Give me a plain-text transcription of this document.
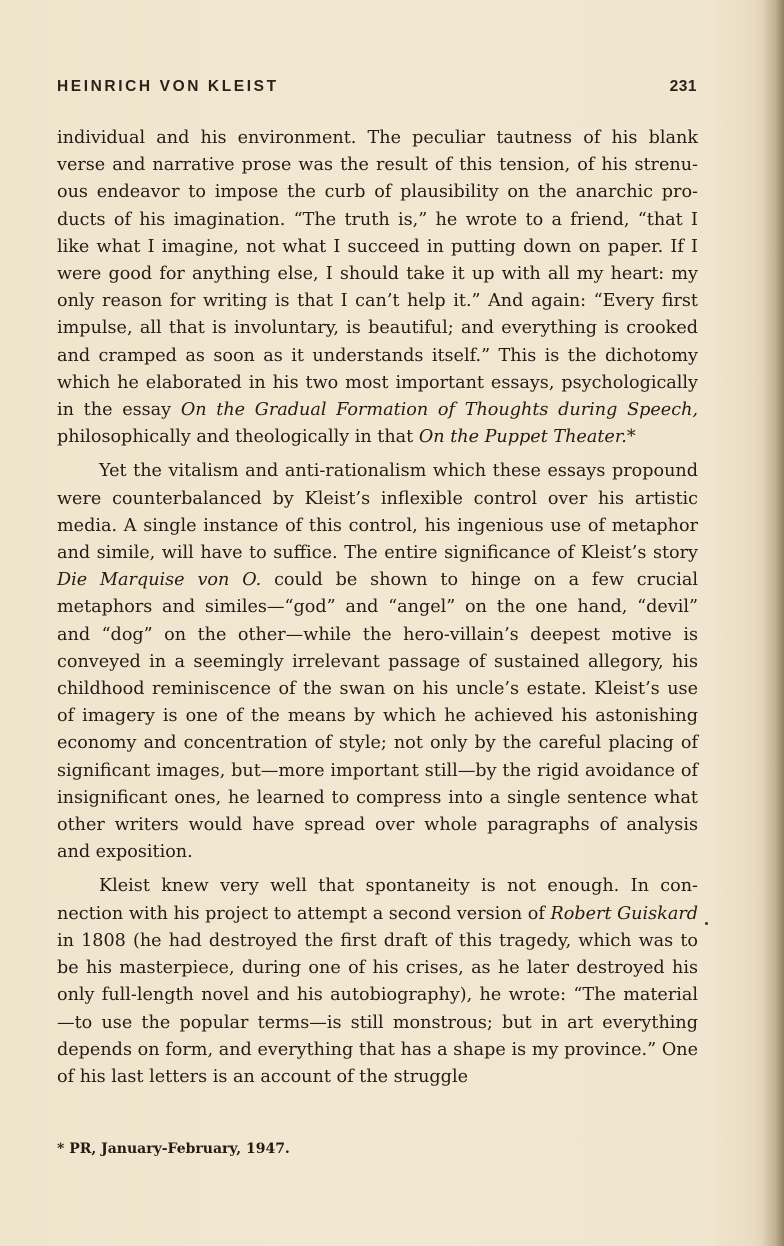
HEINRICH VON KLEIST	231

individual and his environment. The peculiar tautness of his blank verse and narrative prose was the result of this tension, of his strenuous endeavor to impose the curb of plausibility on the anarchic products of his imagination. “The truth is,” he wrote to a friend, “that I like what I imagine, not what I succeed in putting down on paper. If I were good for anything else, I should take it up with all my heart: my only reason for writing is that I can’t help it.” And again: “Every first impulse, all that is involuntary, is beautiful; and everything is crooked and cramped as soon as it understands itself.” This is the dichotomy which he elaborated in his two most important essays, psychologically in the essay On the Gradual Formation of Thoughts during Speech, philosophically and theologically in that On the Puppet Theater.*

Yet the vitalism and anti-rationalism which these essays propound were counterbalanced by Kleist’s inflexible control over his artistic media. A single instance of this control, his ingenious use of metaphor and simile, will have to suffice. The entire significance of Kleist’s story Die Marquise von O. could be shown to hinge on a few crucial metaphors and similes—“god” and “angel” on the one hand, “devil” and “dog” on the other—while the hero-villain’s deepest motive is conveyed in a seemingly irrelevant passage of sustained allegory, his childhood reminiscence of the swan on his uncle’s estate. Kleist’s use of imagery is one of the means by which he achieved his astonishing economy and concentration of style; not only by the careful placing of significant images, but—more important still—by the rigid avoidance of insignificant ones, he learned to compress into a single sentence what other writers would have spread over whole paragraphs of analysis and exposition.

Kleist knew very well that spontaneity is not enough. In connection with his project to attempt a second version of Robert Guiskard in 1808 (he had destroyed the first draft of this tragedy, which was to be his masterpiece, during one of his crises, as he later destroyed his only full-length novel and his autobiography), he wrote: “The material—to use the popular terms—is still monstrous; but in art everything depends on form, and everything that has a shape is my province.” One of his last letters is an account of the struggle

* PR, January-February, 1947.
